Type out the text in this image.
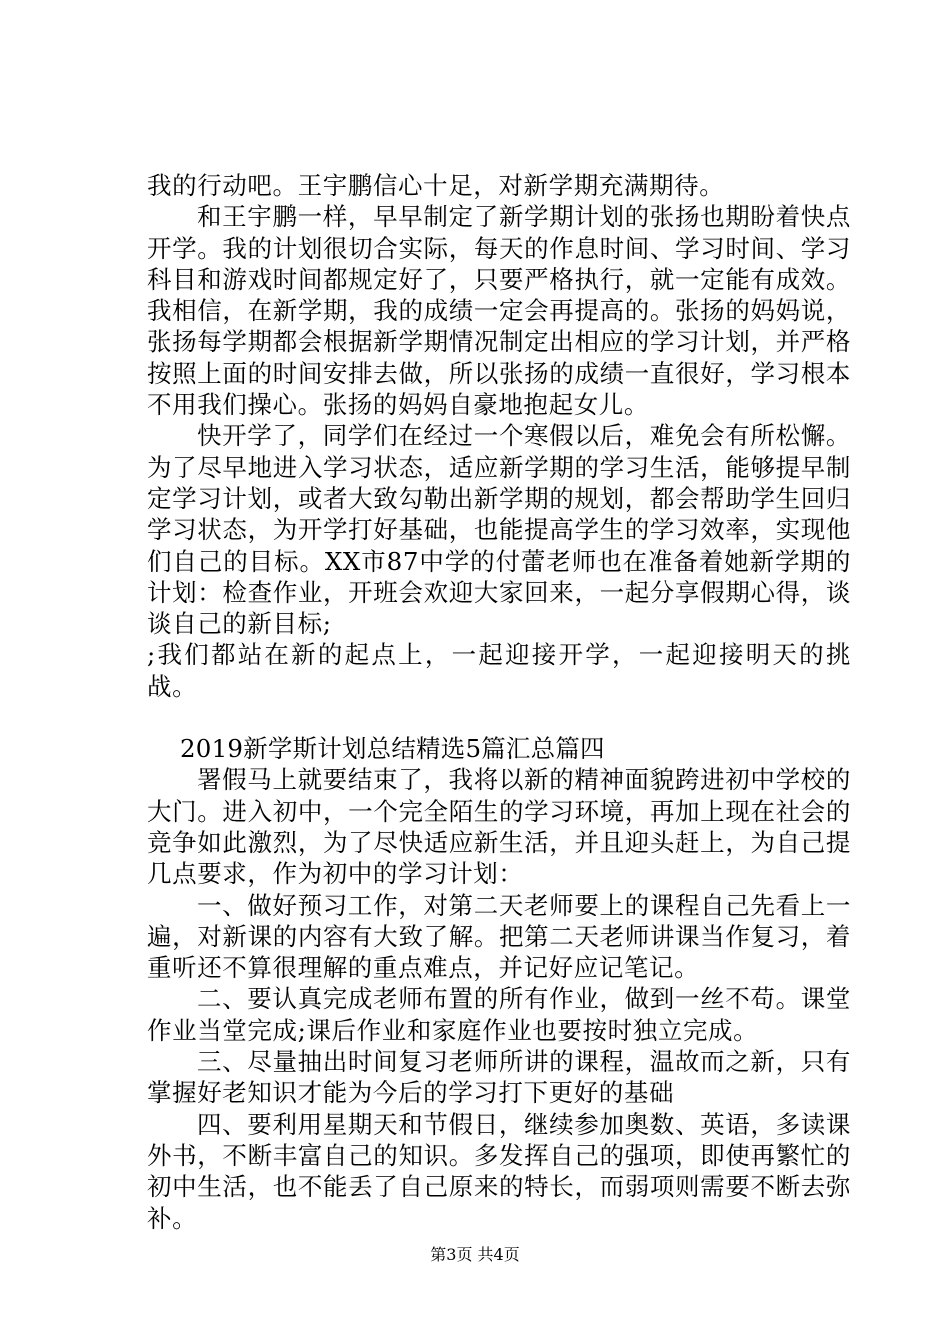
我的行动吧。王宇鹏信心十足，对新学期充满期待。

和王宇鹏一样，早早制定了新学期计划的张扬也期盼着快点开学。我的计划很切合实际，每天的作息时间、学习时间、学习科目和游戏时间都规定好了，只要严格执行，就一定能有成效。我相信，在新学期，我的成绩一定会再提高的。张扬的妈妈说，张扬每学期都会根据新学期情况制定出相应的学习计划，并严格按照上面的时间安排去做，所以张扬的成绩一直很好，学习根本不用我们操心。张扬的妈妈自豪地抱起女儿。

快开学了，同学们在经过一个寒假以后，难免会有所松懈。为了尽早地进入学习状态，适应新学期的学习生活，能够提早制定学习计划，或者大致勾勒出新学期的规划，都会帮助学生回归学习状态，为开学打好基础，也能提高学生的学习效率，实现他们自己的目标。XX市87中学的付蕾老师也在准备着她新学期的计划：检查作业，开班会欢迎大家回来，一起分享假期心得，谈谈自己的新目标;

;我们都站在新的起点上，一起迎接开学，一起迎接明天的挑战。

2019新学斯计划总结精选5篇汇总篇四

署假马上就要结束了，我将以新的精神面貌跨进初中学校的大门。进入初中，一个完全陌生的学习环境，再加上现在社会的竞争如此激烈，为了尽快适应新生活，并且迎头赶上，为自己提几点要求，作为初中的学习计划：

一、做好预习工作，对第二天老师要上的课程自己先看上一遍，对新课的内容有大致了解。把第二天老师讲课当作复习，着重听还不算很理解的重点难点，并记好应记笔记。

二、要认真完成老师布置的所有作业，做到一丝不苟。课堂作业当堂完成;课后作业和家庭作业也要按时独立完成。

三、尽量抽出时间复习老师所讲的课程，温故而之新，只有掌握好老知识才能为今后的学习打下更好的基础

四、要利用星期天和节假日，继续参加奥数、英语，多读课外书，不断丰富自己的知识。多发挥自己的强项，即使再繁忙的初中生活，也不能丢了自己原来的特长，而弱项则需要不断去弥补。

第3页 共4页
